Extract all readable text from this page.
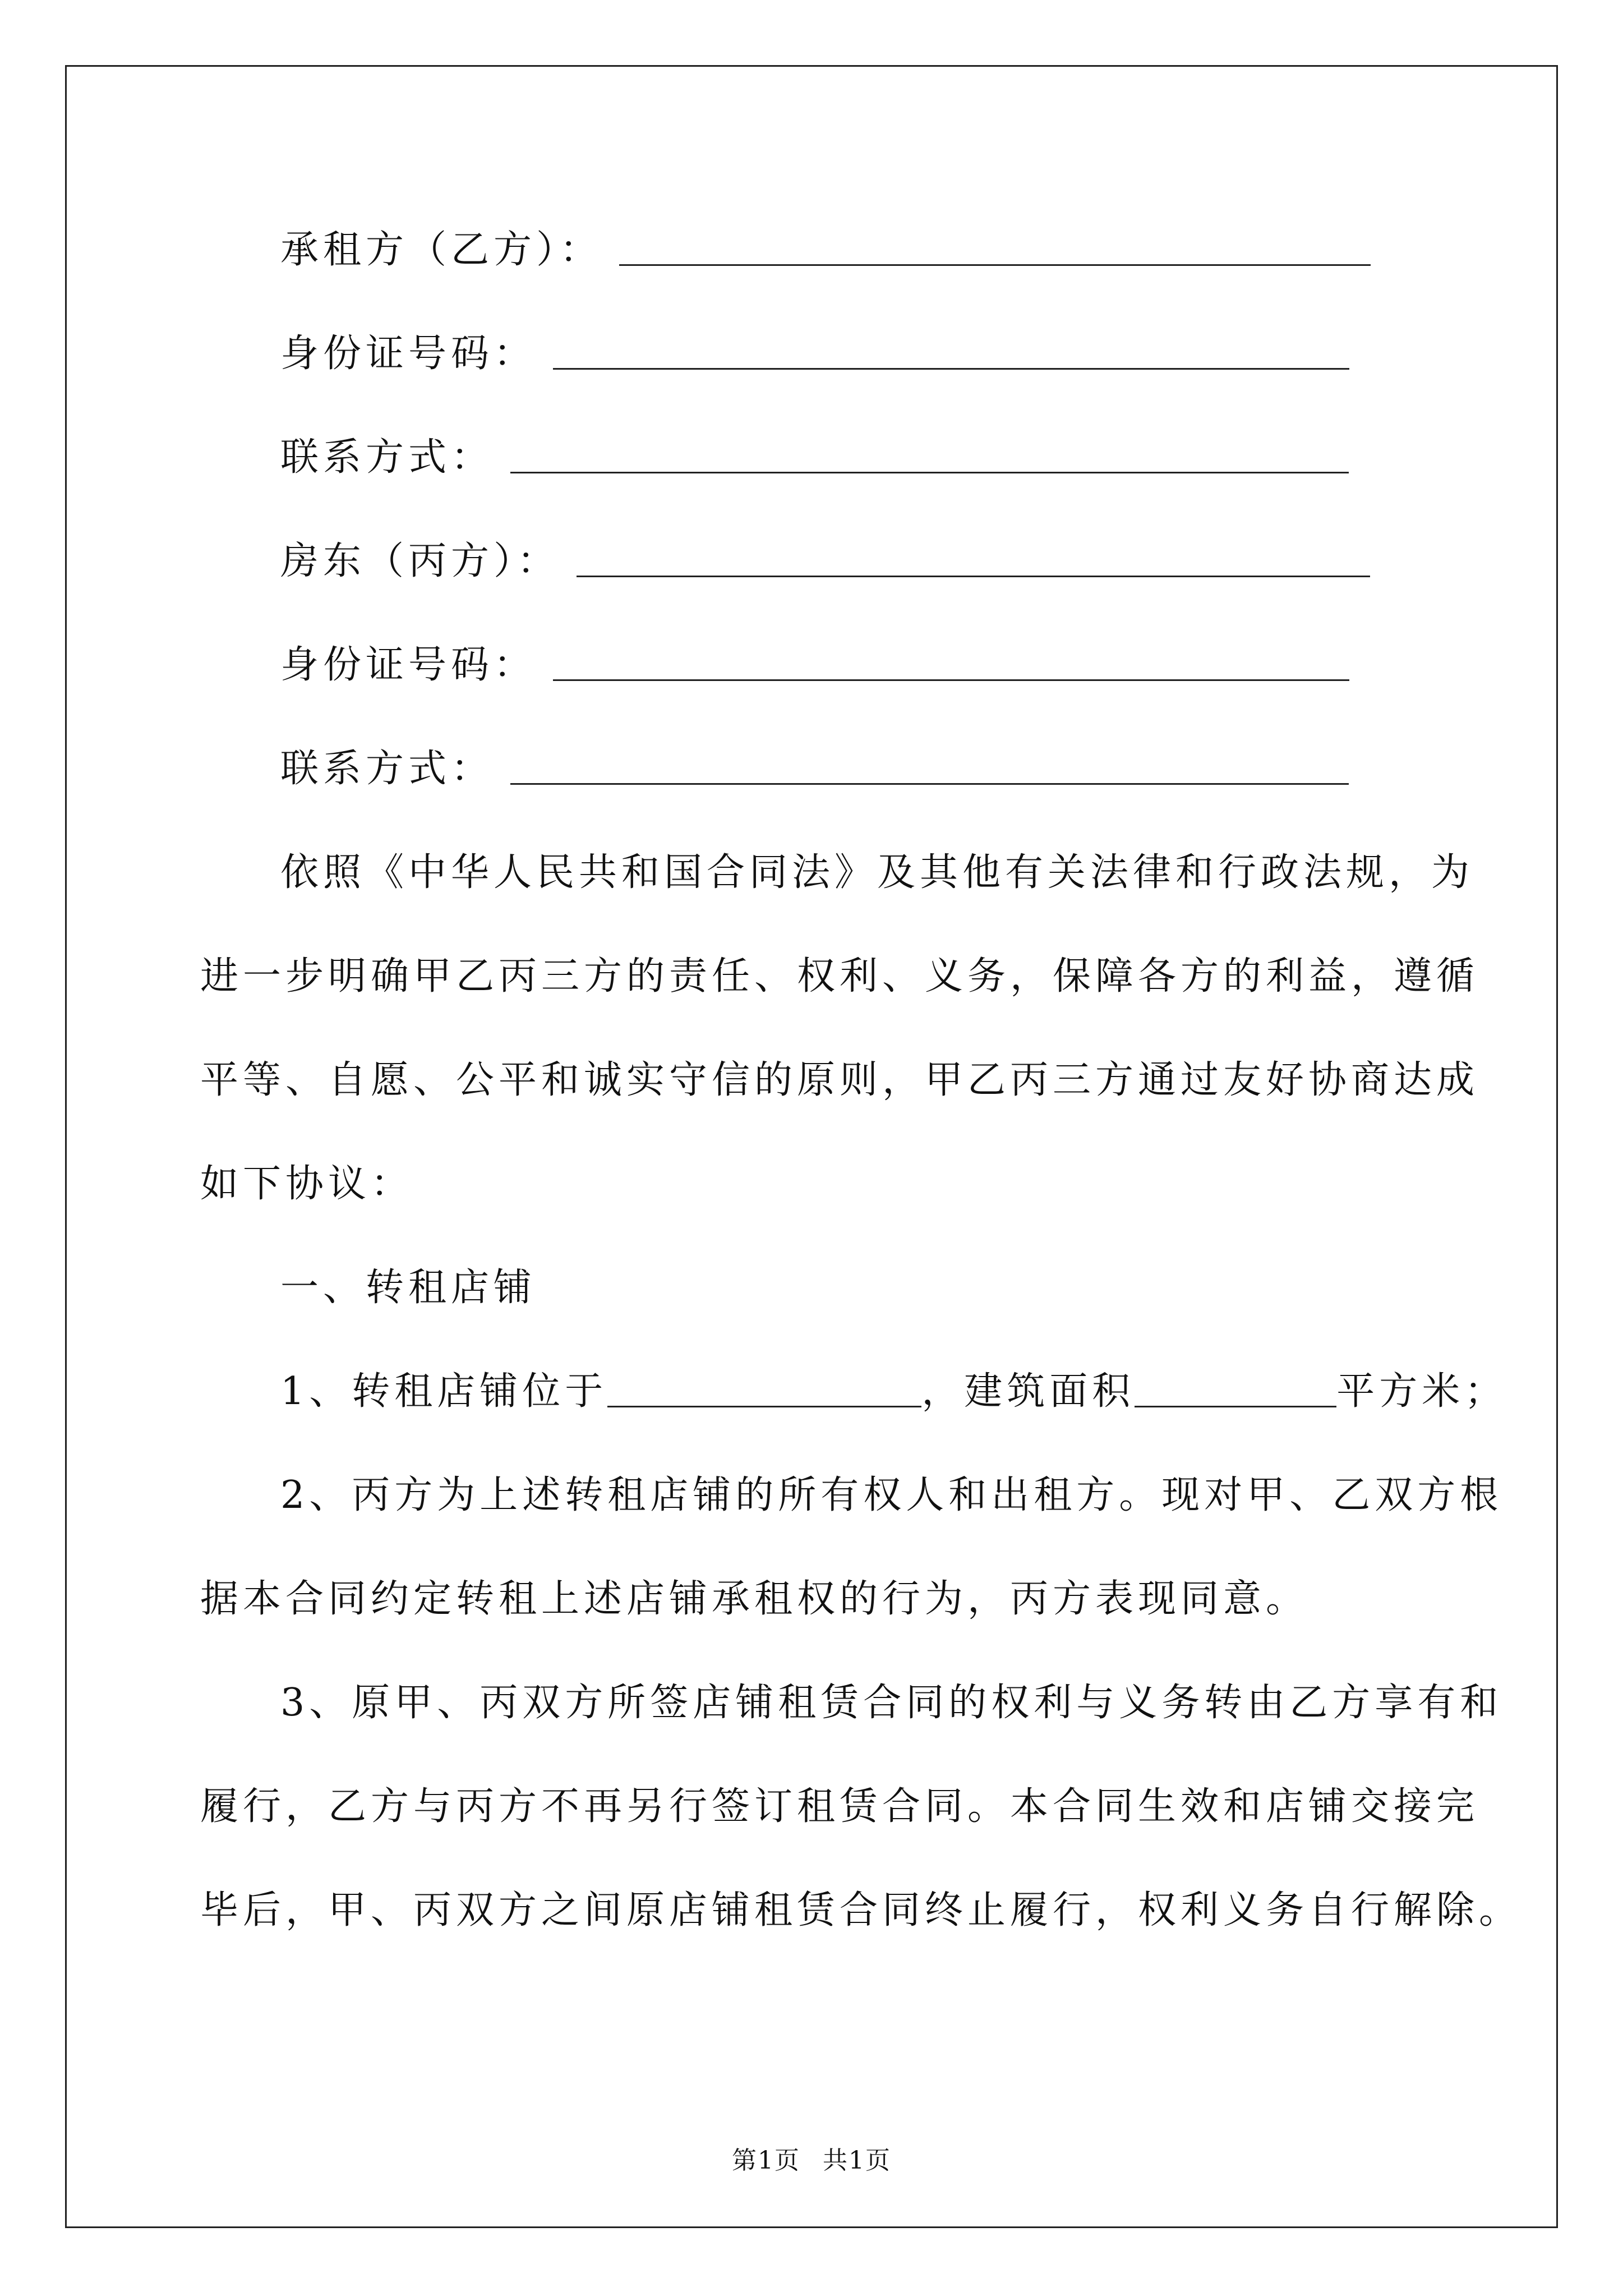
承租方（乙方）：
身份证号码：
联系方式：
房东（丙方）：
身份证号码：
联系方式：
依照《中华人民共和国合同法》及其他有关法律和行政法规，为
进一步明确甲乙丙三方的责任、权利、义务，保障各方的利益，遵循
平等、自愿、公平和诚实守信的原则，甲乙丙三方通过友好协商达成
如下协议：
一、转租店铺
1、转租店铺位于	，建筑面积	平方米；
2、丙方为上述转租店铺的所有权人和出租方。现对甲、乙双方根
据本合同约定转租上述店铺承租权的行为，丙方表现同意。
3、原甲、丙双方所签店铺租赁合同的权利与义务转由乙方享有和
履行，乙方与丙方不再另行签订租赁合同。本合同生效和店铺交接完
毕后，甲、丙双方之间原店铺租赁合同终止履行，权利义务自行解除。
第1页 共1页
